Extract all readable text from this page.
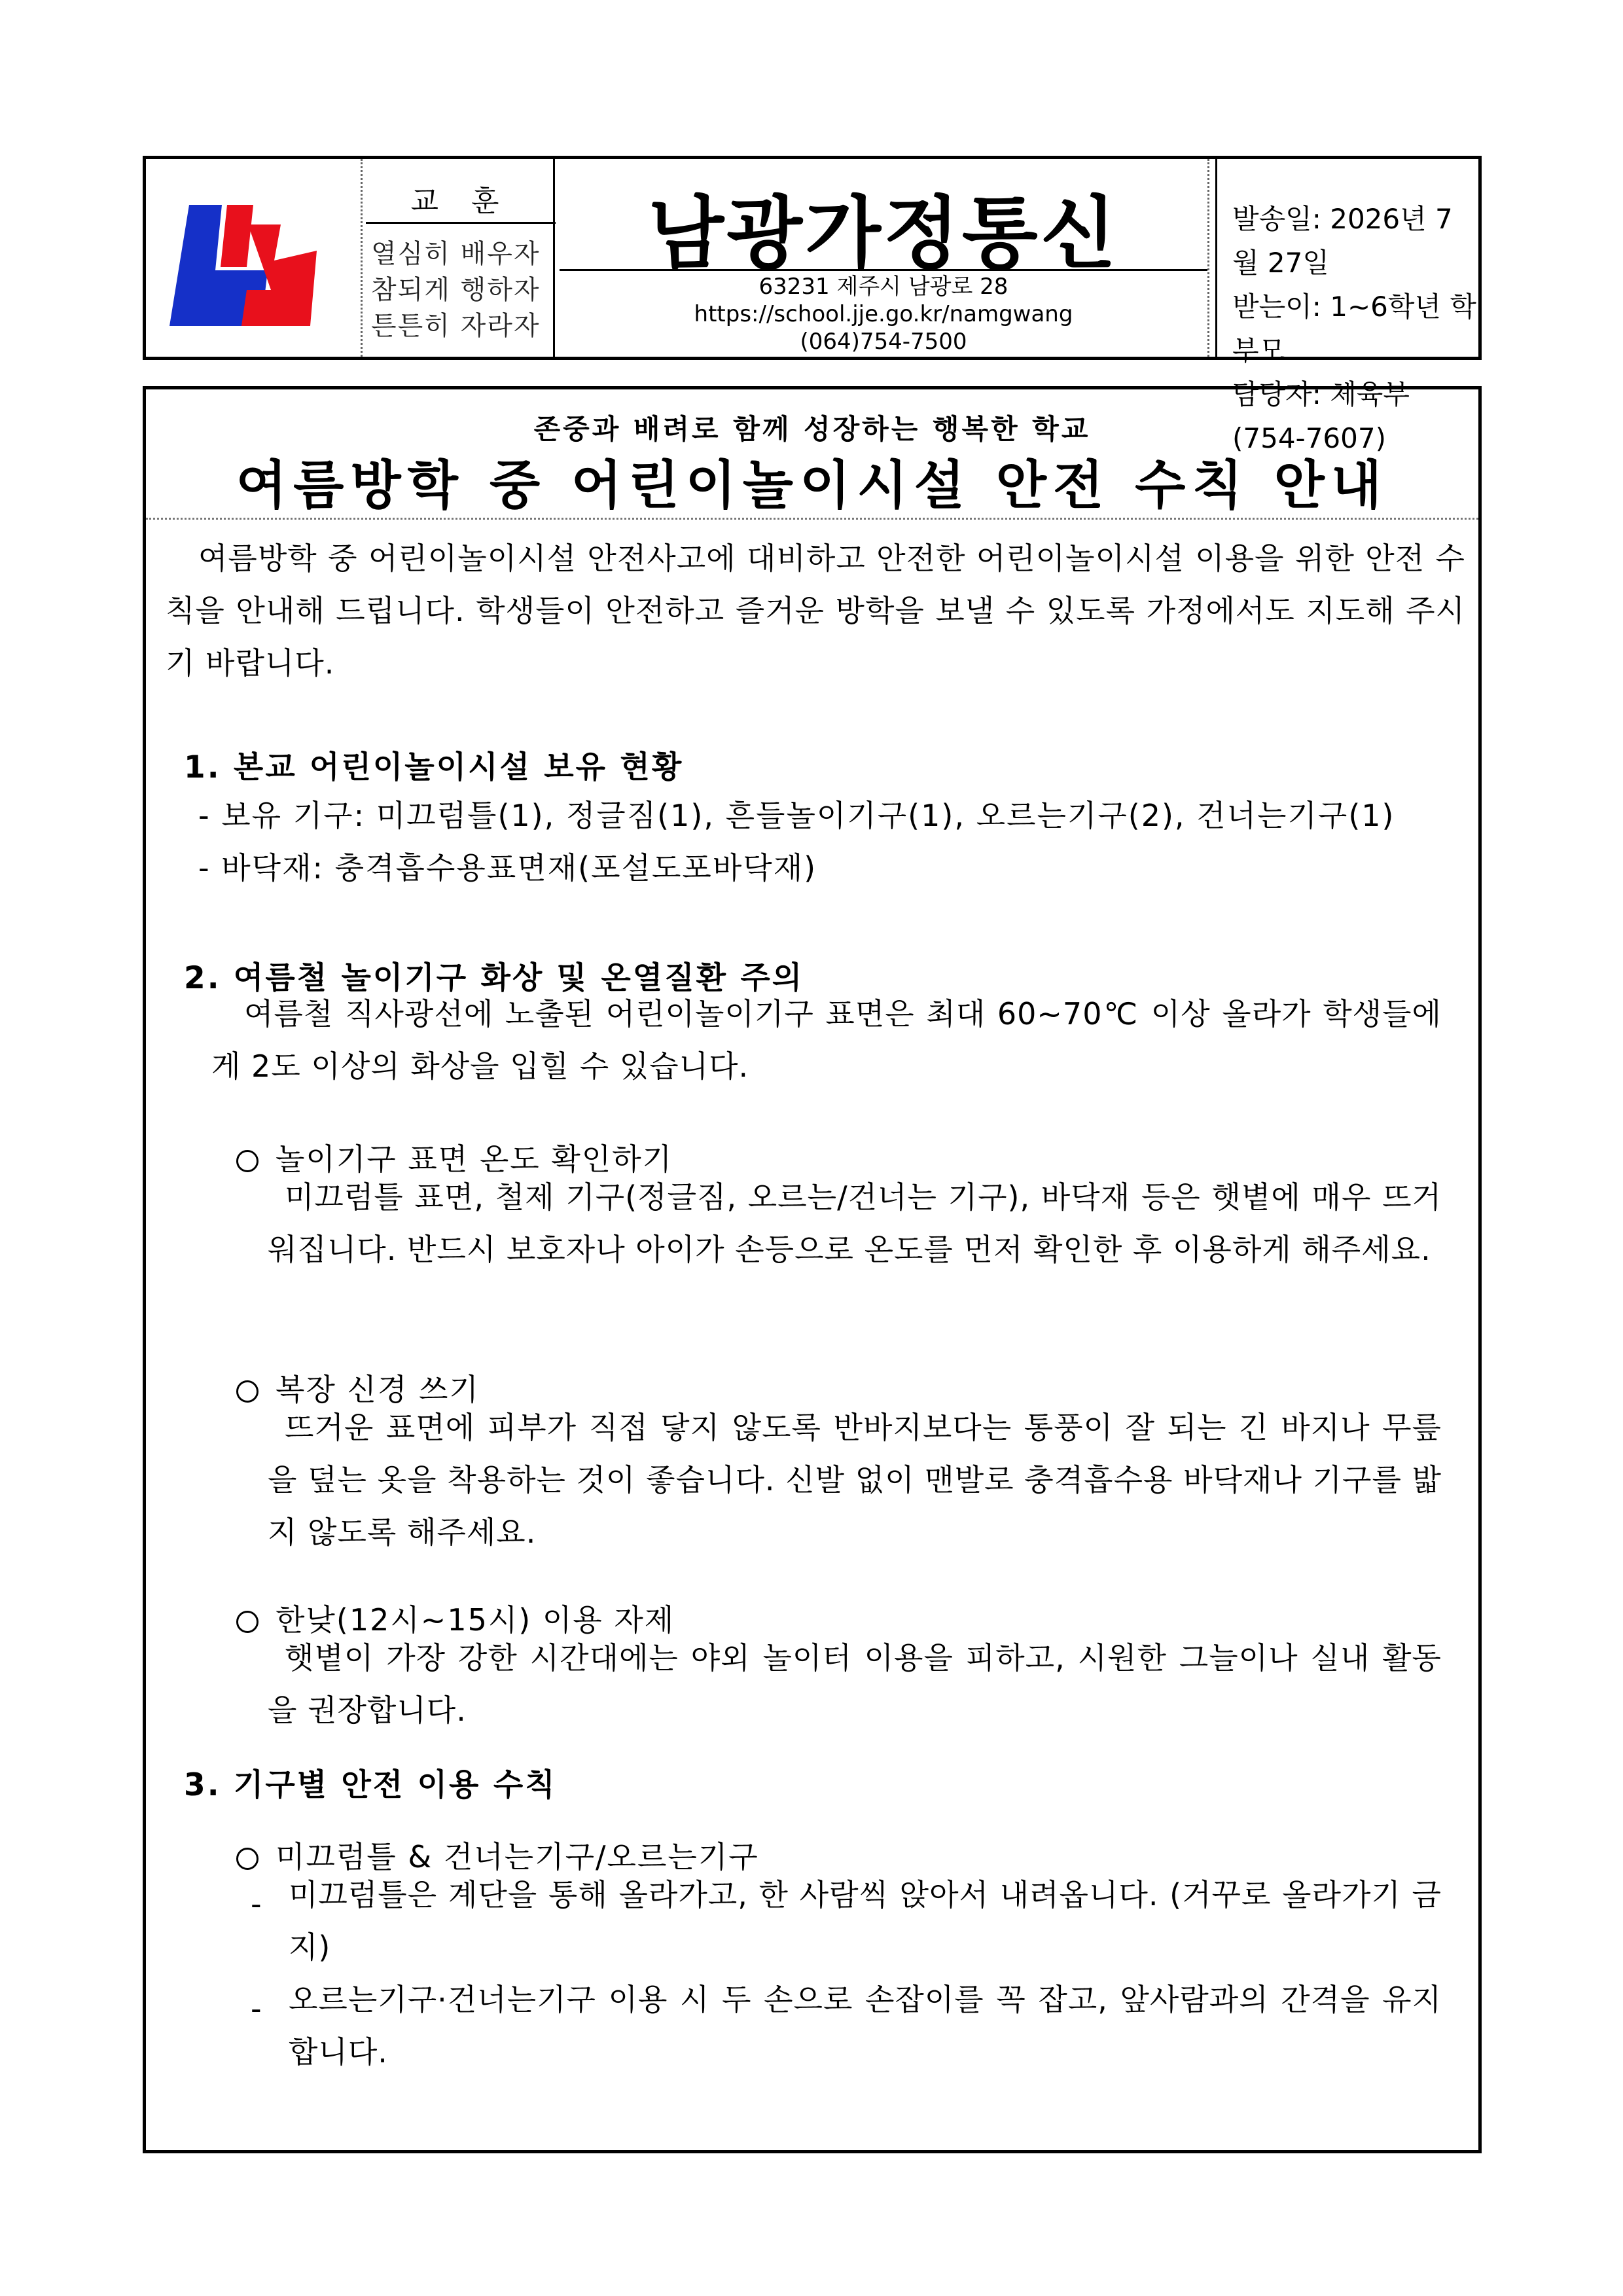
교 훈
열심히 배우자
참되게 행하자
튼튼히 자라자
남광가정통신
63231 제주시 남광로 28
https://school.jje.go.kr/namgwang
(064)754-7500
발송일: 2026년 7월 27일
받는이: 1~6학년 학부모
담당자: 체육부(754-7607)
존중과 배려로 함께 성장하는 행복한 학교
여름방학 중 어린이놀이시설 안전 수칙 안내
여름방학 중 어린이놀이시설 안전사고에 대비하고 안전한 어린이놀이시설 이용을 위한 안전 수칙을 안내해 드립니다. 학생들이 안전하고 즐거운 방학을 보낼 수 있도록 가정에서도 지도해 주시기 바랍니다.
1. 본교 어린이놀이시설 보유 현황
- 보유 기구: 미끄럼틀(1), 정글짐(1), 흔들놀이기구(1), 오르는기구(2), 건너는기구(1)
- 바닥재: 충격흡수용표면재(포설도포바닥재)
2. 여름철 놀이기구 화상 및 온열질환 주의
여름철 직사광선에 노출된 어린이놀이기구 표면은 최대 60~70℃ 이상 올라가 학생들에게 2도 이상의 화상을 입힐 수 있습니다.
놀이기구 표면 온도 확인하기
미끄럼틀 표면, 철제 기구(정글짐, 오르는/건너는 기구), 바닥재 등은 햇볕에 매우 뜨거워집니다. 반드시 보호자나 아이가 손등으로 온도를 먼저 확인한 후 이용하게 해주세요.
복장 신경 쓰기
뜨거운 표면에 피부가 직접 닿지 않도록 반바지보다는 통풍이 잘 되는 긴 바지나 무릎을 덮는 옷을 착용하는 것이 좋습니다. 신발 없이 맨발로 충격흡수용 바닥재나 기구를 밟지 않도록 해주세요.
한낮(12시~15시) 이용 자제
햇볕이 가장 강한 시간대에는 야외 놀이터 이용을 피하고, 시원한 그늘이나 실내 활동을 권장합니다.
3. 기구별 안전 이용 수칙
미끄럼틀 & 건너는기구/오르는기구
- 미끄럼틀은 계단을 통해 올라가고, 한 사람씩 앉아서 내려옵니다. (거꾸로 올라가기 금지)
- 오르는기구·건너는기구 이용 시 두 손으로 손잡이를 꼭 잡고, 앞사람과의 간격을 유지합니다.
